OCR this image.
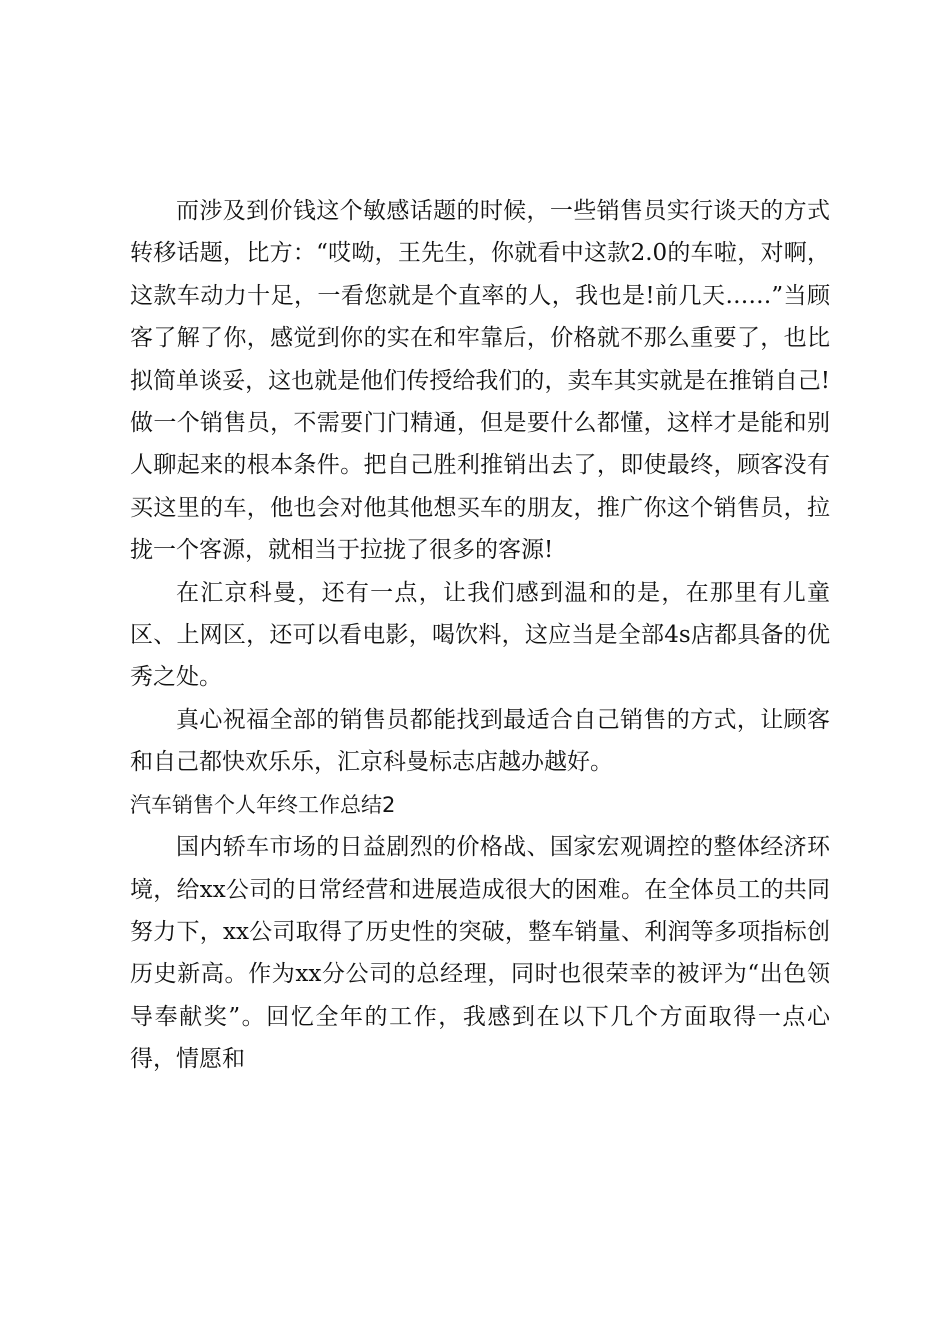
而涉及到价钱这个敏感话题的时候，一些销售员实行谈天的方式转移话题，比方：“哎呦，王先生，你就看中这款2.0的车啦，对啊，这款车动力十足，一看您就是个直率的人，我也是!前几天……”当顾客了解了你，感觉到你的实在和牢靠后，价格就不那么重要了，也比拟简单谈妥，这也就是他们传授给我们的，卖车其实就是在推销自己!做一个销售员，不需要门门精通，但是要什么都懂，这样才是能和别人聊起来的根本条件。把自己胜利推销出去了，即使最终，顾客没有买这里的车，他也会对他其他想买车的朋友，推广你这个销售员，拉拢一个客源，就相当于拉拢了很多的客源!

在汇京科曼，还有一点，让我们感到温和的是，在那里有儿童区、上网区，还可以看电影，喝饮料，这应当是全部4s店都具备的优秀之处。

真心祝福全部的销售员都能找到最适合自己销售的方式，让顾客和自己都快欢乐乐，汇京科曼标志店越办越好。

汽车销售个人年终工作总结2

国内轿车市场的日益剧烈的价格战、国家宏观调控的整体经济环境，给xx公司的日常经营和进展造成很大的困难。在全体员工的共同努力下，xx公司取得了历史性的突破，整车销量、利润等多项指标创历史新高。作为xx分公司的总经理，同时也很荣幸的被评为“出色领导奉献奖”。回忆全年的工作，我感到在以下几个方面取得一点心得，情愿和
